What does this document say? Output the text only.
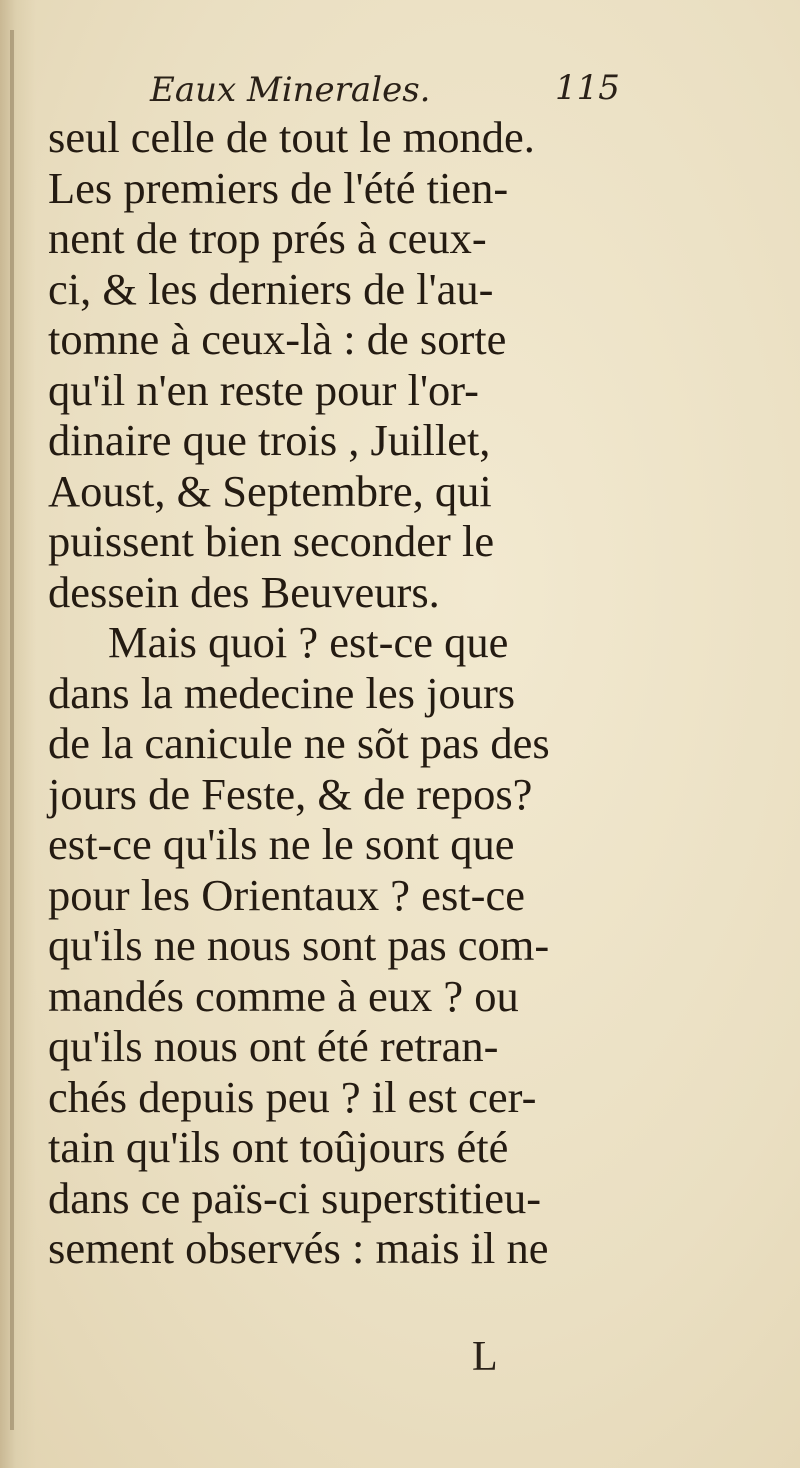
Eaux Minerales.	115
seul celle de tout le monde.
Les premiers de l'été tien-
nent de trop prés à ceux-
ci, & les derniers de l'au-
tomne à ceux-là : de sorte
qu'il n'en reste pour l'or-
dinaire que trois , Juillet,
Aoust, & Septembre, qui
puissent bien seconder le
dessein des Beuveurs.
Mais quoi ? est-ce que
dans la medecine les jours
de la canicule ne sõt pas des
jours de Feste, & de repos?
est-ce qu'ils ne le sont que
pour les Orientaux ? est-ce
qu'ils ne nous sont pas com-
mandés comme à eux ? ou
qu'ils nous ont été retran-
chés depuis peu ? il est cer-
tain qu'ils ont toûjours été
dans ce païs-ci superstitieu-
sement observés : mais il ne
L
